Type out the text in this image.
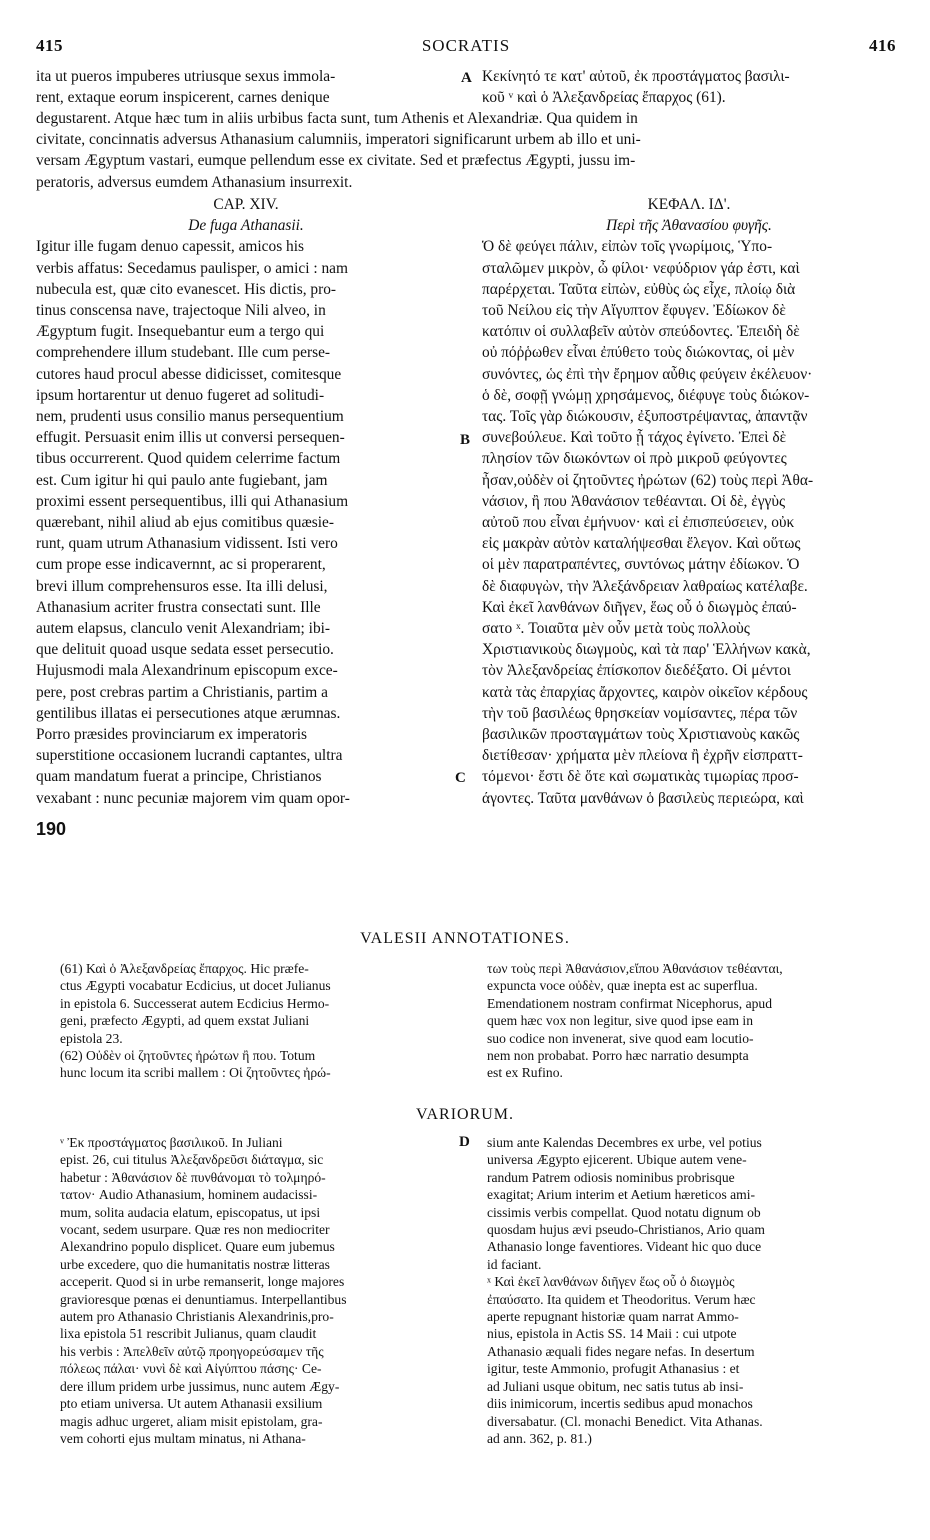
415	SOCRATIS	416
ita ut pueros impuberes utriusque sexus immola-
rent, extaque eorum inspicerent, carnes denique
A Κεκίνητό τε κατ' αὐτοῦ, ἐκ προστάγματος βασιλι-
κοῦ ᵛ καὶ ὁ Ἀλεξανδρείας ἔπαρχος (61).
degustarent. Atque hæc tum in aliis urbibus facta sunt, tum Athenis et Alexandriæ. Qua quidem in
civitate, concinnatis adversus Athanasium calumniis, imperatori significarunt urbem ab illo et uni-
versam Ægyptum vastari, eumque pellendum esse ex civitate. Sed et præfectus Ægypti, jussu im-
peratoris, adversus eumdem Athanasium insurrexit.
CAP. XIV.
De fuga Athanasii.
Igitur ille fugam denuo capessit, amicos his
verbis affatus: Secedamus paulisper, o amici : nam
nubecula est, quæ cito evanescet. His dictis, pro-
tinus conscensa nave, trajectoque Nili alveo, in
Ægyptum fugit. Insequebantur eum a tergo qui
comprehendere illum studebant. Ille cum perse-
cutores haud procul abesse didicisset, comitesque
ipsum hortarentur ut denuo fugeret ad solitudi-
nem, prudenti usus consilio manus persequentium
effugit. Persuasit enim illis ut conversi persequen-
tibus occurrerent. Quod quidem celerrime factum
est. Cum igitur hi qui paulo ante fugiebant, jam
proximi essent persequentibus, illi qui Athanasium
quærebant, nihil aliud ab ejus comitibus quæsie-
runt, quam utrum Athanasium vidissent. Isti vero
cum prope esse indicavernnt, ac si properarent,
brevi illum comprehensuros esse. Ita illi delusi,
Athanasium acriter frustra consectati sunt. Ille
autem elapsus, clanculo venit Alexandriam; ibi-
que delituit quoad usque sedata esset persecutio.
Hujusmodi mala Alexandrinum episcopum exce-
pere, post crebras partim a Christianis, partim a
gentilibus illatas ei persecutiones atque ærumnas.
Porro præsides provinciarum ex imperatoris
superstitione occasionem lucrandi captantes, ultra
quam mandatum fuerat a principe, Christianos
vexabant : nunc pecuniæ majorem vim quam opor-
190
ΚΕΦΑΛ. ΙΔ'.
Περὶ τῆς Ἀθανασίου φυγῆς.
Ὁ δὲ φεύγει πάλιν, εἰπὼν τοῖς γνωρίμοις, Ὑπο-
σταλῶμεν μικρὸν, ὦ φίλοι· νεφύδριον γάρ ἐστι, καὶ
παρέρχεται. Ταῦτα εἰπὼν, εὐθὺς ὡς εἶχε, πλοίῳ διὰ
τοῦ Νείλου εἰς τὴν Αἴγυπτον ἔφυγεν. Ἐδίωκον δὲ
κατόπιν οἱ συλλαβεῖν αὐτὸν σπεύδοντες. Ἐπειδὴ δὲ
οὐ πόῤῥωθεν εἶναι ἐπύθετο τοὺς διώκοντας, οἱ μὲν
συνόντες, ὡς ἐπὶ τὴν ἔρημον αὖθις φεύγειν ἐκέλευον·
ὁ δὲ, σοφῇ γνώμῃ χρησάμενος, διέφυγε τοὺς διώκον-
τας. Τοῖς γὰρ διώκουσιν, ἐξυποστρέψαντας, ἀπαντᾷν
συνεβούλευε. Καὶ τοῦτο ᾗ τάχος ἐγίνετο. Ἐπεὶ δὲ
πλησίον τῶν διωκόντων οἱ πρὸ μικροῦ φεύγοντες
ἦσαν,οὐδὲν οἱ ζητοῦντες ἠρώτων (62) τοὺς περὶ Ἀθα-
νάσιον, ἢ που Ἀθανάσιον τεθέανται. Οἱ δὲ, ἐγγὺς
αὐτοῦ που εἶναι ἐμήνυον· καὶ εἰ ἐπισπεύσειεν, οὐκ
εἰς μακρὰν αὐτὸν καταλήψεσθαι ἔλεγον. Καὶ οὕτως
οἱ μὲν παρατραπέντες, συντόνως μάτην ἐδίωκον. Ὁ
δὲ διαφυγὼν, τὴν Ἀλεξάνδρειαν λαθραίως κατέλαβε.
Καὶ ἐκεῖ λανθάνων διῆγεν, ἕως οὗ ὁ διωγμὸς ἐπαύ-
σατο ˣ. Τοιαῦτα μὲν οὖν μετὰ τοὺς πολλοὺς
Χριστιανικοὺς διωγμοὺς, καὶ τὰ παρ' Ἑλλήνων κακὰ,
τὸν Ἀλεξανδρείας ἐπίσκοπον διεδέξατο. Οἱ μέντοι
κατὰ τὰς ἐπαρχίας ἄρχοντες, καιρὸν οἰκεῖον κέρδους
τὴν τοῦ βασιλέως θρησκείαν νομίσαντες, πέρα τῶν
βασιλικῶν προσταγμάτων τοὺς Χριστιανοὺς κακῶς
διετίθεσαν· χρήματα μὲν πλείονα ἢ ἐχρῆν εἰσπραττ-
τόμενοι· ἔστι δὲ ὅτε καὶ σωματικὰς τιμωρίας προσ-
άγοντες. Ταῦτα μανθάνων ὁ βασιλεὺς περιεώρα, καὶ
B
C
VALESII ANNOTATIONES.
(61) Καὶ ὁ Ἀλεξανδρείας ἔπαρχος. Hic præfe-
ctus Ægypti vocabatur Ecdicius, ut docet Julianus
in epistola 6. Successerat autem Ecdicius Hermo-
geni, præfecto Ægypti, ad quem exstat Juliani
epistola 23.
(62) Οὐδὲν οἱ ζητοῦντες ἠρώτων ἢ που. Totum
hunc locum ita scribi mallem : Οἱ ζητοῦντες ἠρώ-
των τοὺς περὶ Ἀθανάσιον,εἴπου Ἀθανάσιον τεθέανται,
expuncta voce οὐδὲν, quæ inepta est ac superflua.
Emendationem nostram confirmat Nicephorus, apud
quem hæc vox non legitur, sive quod ipse eam in
suo codice non invenerat, sive quod eam locutio-
nem non probabat. Porro hæc narratio desumpta
est ex Rufino.
VARIORUM.
ᵛ Ἐκ προστάγματος βασιλικοῦ. In Juliani
epist. 26, cui titulus Ἀλεξανδρεῦσι διάταγμα, sic
habetur : Ἀθανάσιον δὲ πυνθάνομαι τὸ τολμηρό-
τατον· Audio Athanasium, hominem audacissi-
mum, solita audacia elatum, episcopatus, ut ipsi
vocant, sedem usurpare. Quæ res non mediocriter
Alexandrino populo displicet. Quare eum jubemus
urbe excedere, quo die humanitatis nostræ litteras
acceperit. Quod si in urbe remanserit, longe majores
gravioresque pœnas ei denuntiamus. Interpellantibus
autem pro Athanasio Christianis Alexandrinis,pro-
lixa epistola 51 rescribit Julianus, quam claudit
his verbis : Ἀπελθεῖν αὐτῷ προηγορεύσαμεν τῆς
πόλεως πάλαι· νυνὶ δὲ καὶ Αἰγύπτου πάσης· Ce-
dere illum pridem urbe jussimus, nunc autem Ægy-
pto etiam universa. Ut autem Athanasii exsilium
magis adhuc urgeret, aliam misit epistolam, gra-
vem cohorti ejus multam minatus, ni Athana-
D sium ante Kalendas Decembres ex urbe, vel potius
universa Ægypto ejicerent. Ubique autem vene-
randum Patrem odiosis nominibus probrisque
exagitat; Arium interim et Aetium hæreticos ami-
cissimis verbis compellat. Quod notatu dignum ob
quosdam hujus ævi pseudo-Christianos, Ario quam
Athanasio longe faventiores. Videant hic quo duce
id faciant.
ˣ Καὶ ἐκεῖ λανθάνων διῆγεν ἕως οὗ ὁ διωγμὸς
ἐπαύσατο. Ita quidem et Theodoritus. Verum hæc
aperte repugnant historiæ quam narrat Ammo-
nius, epistola in Actis SS. 14 Maii : cui utpote
Athanasio æquali fides negare nefas. In desertum
igitur, teste Ammonio, profugit Athanasius : et
ad Juliani usque obitum, nec satis tutus ab insi-
diis inimicorum, incertis sedibus apud monachos
diversabatur. (Cl. monachi Benedict. Vita Athanas.
ad ann. 362, p. 81.)
